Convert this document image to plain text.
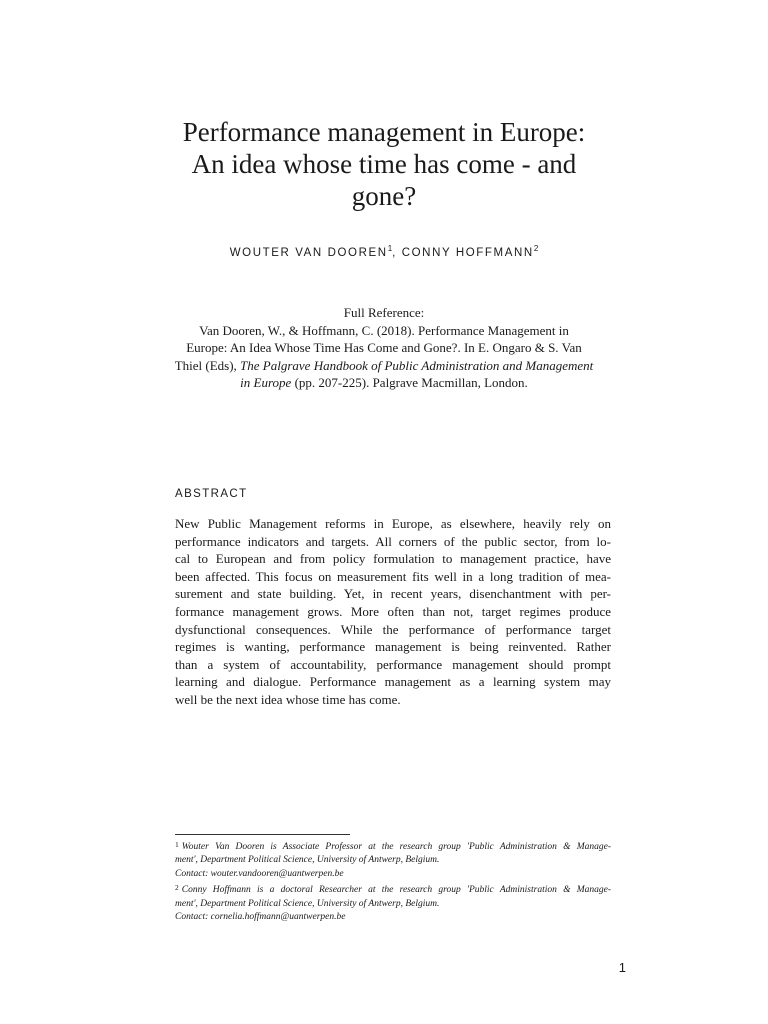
Performance management in Europe:
An idea whose time has come - and
gone?
WOUTER VAN DOOREN$^1$, CONNY HOFFMANN$^2$
Full Reference:
Van Dooren, W., & Hoffmann, C. (2018). Performance Management in
Europe: An Idea Whose Time Has Come and Gone?. In E. Ongaro & S. Van
Thiel (Eds), The Palgrave Handbook of Public Administration and Management
in Europe (pp. 207-225). Palgrave Macmillan, London.
ABSTRACT
New Public Management reforms in Europe, as elsewhere, heavily rely on
performance indicators and targets. All corners of the public sector, from lo-
cal to European and from policy formulation to management practice, have
been affected. This focus on measurement fits well in a long tradition of mea-
surement and state building. Yet, in recent years, disenchantment with per-
formance management grows. More often than not, target regimes produce
dysfunctional consequences. While the performance of performance target
regimes is wanting, performance management is being reinvented. Rather
than a system of accountability, performance management should prompt
learning and dialogue. Performance management as a learning system may
well be the next idea whose time has come.
$^1$ Wouter Van Dooren is Associate Professor at the research group 'Public Administration & Manage-
ment', Department Political Science, University of Antwerp, Belgium.
Contact: wouter.vandooren@uantwerpen.be
$^2$ Conny Hoffmann is a doctoral Researcher at the research group 'Public Administration & Manage-
ment', Department Political Science, University of Antwerp, Belgium.
Contact: cornelia.hoffmann@uantwerpen.be
1
